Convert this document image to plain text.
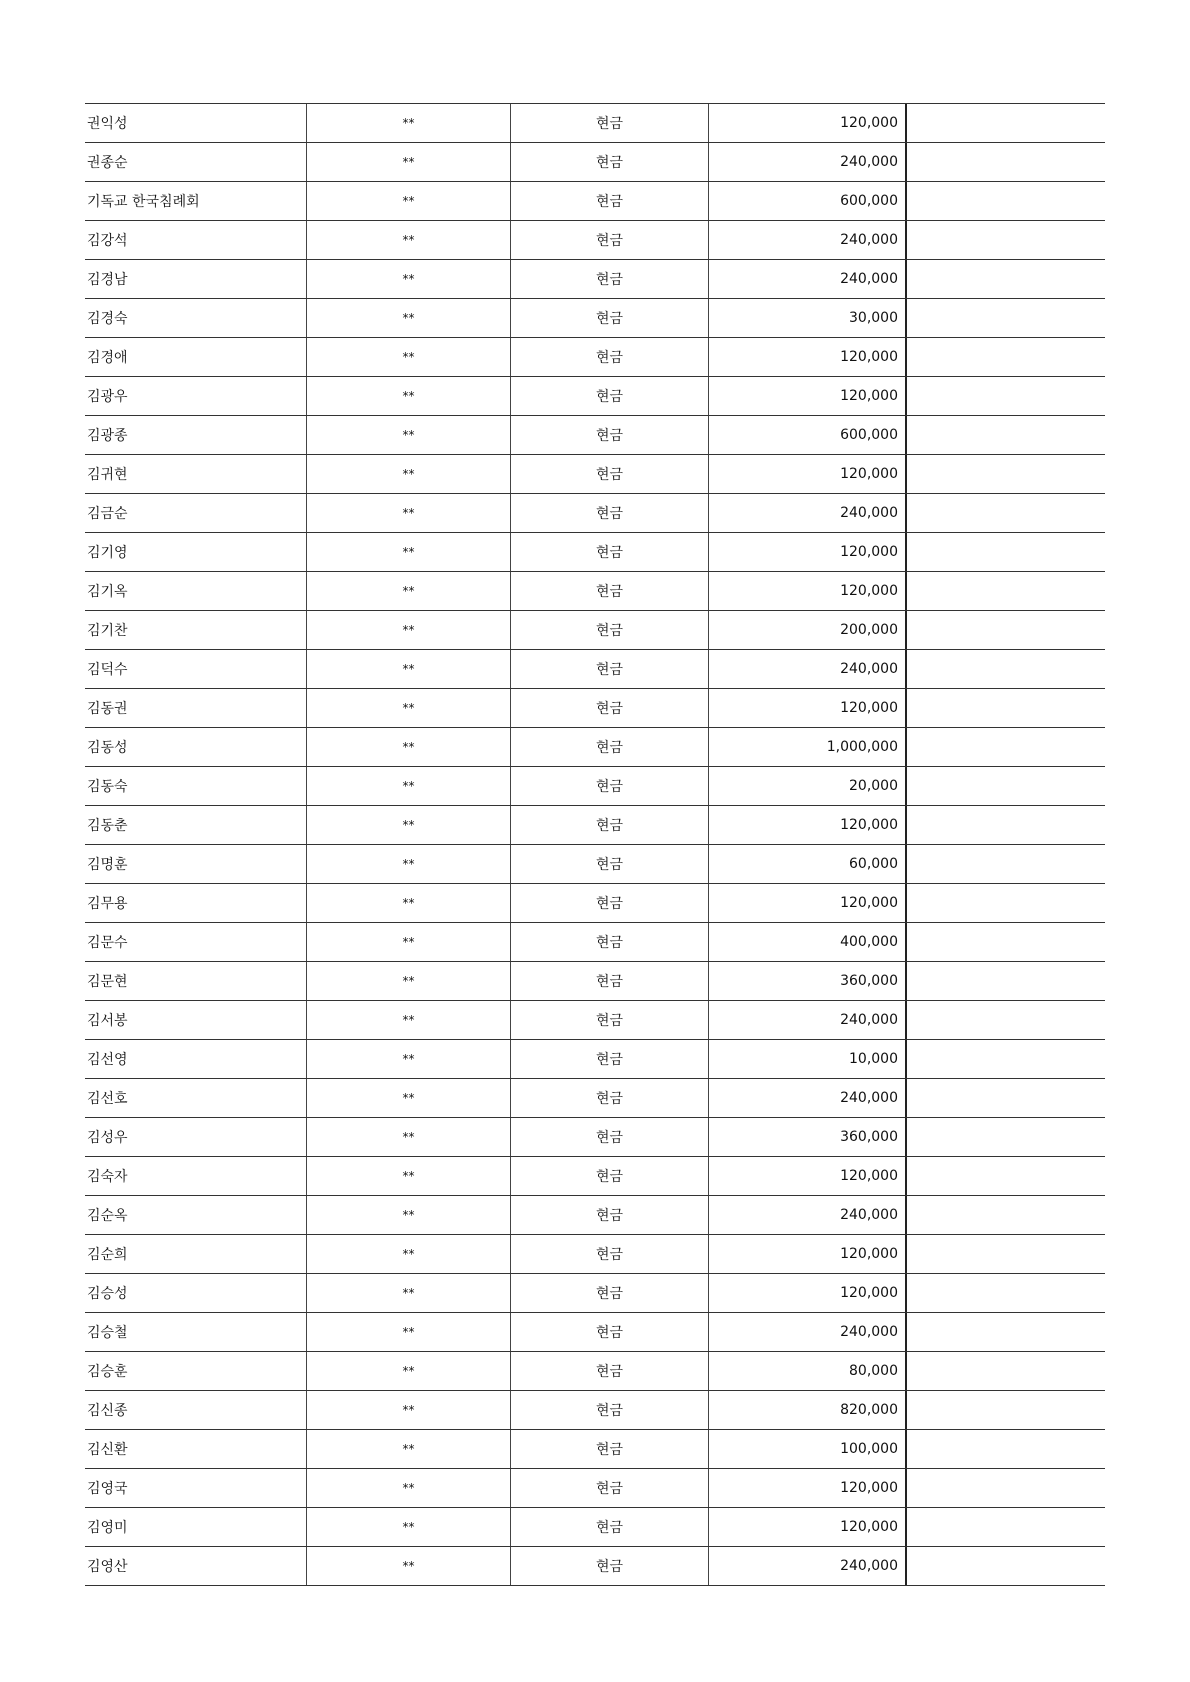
권익성	**	현금	120,000
권종순	**	현금	240,000
기독교 한국침례회	**	현금	600,000
김강석	**	현금	240,000
김경남	**	현금	240,000
김경숙	**	현금	30,000
김경애	**	현금	120,000
김광우	**	현금	120,000
김광종	**	현금	600,000
김귀현	**	현금	120,000
김금순	**	현금	240,000
김기영	**	현금	120,000
김기옥	**	현금	120,000
김기찬	**	현금	200,000
김덕수	**	현금	240,000
김동권	**	현금	120,000
김동성	**	현금	1,000,000
김동숙	**	현금	20,000
김동춘	**	현금	120,000
김명훈	**	현금	60,000
김무용	**	현금	120,000
김문수	**	현금	400,000
김문현	**	현금	360,000
김서봉	**	현금	240,000
김선영	**	현금	10,000
김선호	**	현금	240,000
김성우	**	현금	360,000
김숙자	**	현금	120,000
김순옥	**	현금	240,000
김순희	**	현금	120,000
김승성	**	현금	120,000
김승철	**	현금	240,000
김승훈	**	현금	80,000
김신종	**	현금	820,000
김신환	**	현금	100,000
김영국	**	현금	120,000
김영미	**	현금	120,000
김영산	**	현금	240,000
